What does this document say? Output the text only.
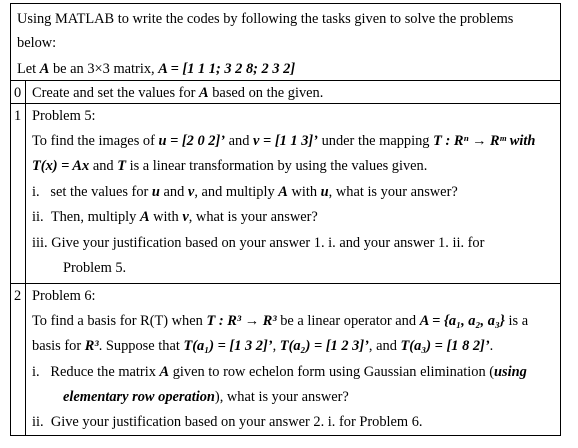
Using MATLAB to write the codes by following the tasks given to solve the problems
below:
Let A be an 3×3 matrix, A = [1 1 1; 3 2 8; 2 3 2]
0 Create and set the values for A based on the given.
1 Problem 5:
To find the images of u = [2 0 2]’ and v = [1 1 3]’ under the mapping T : Rⁿ → Rᵐ with
T(x) = Ax and T is a linear transformation by using the values given.
i. set the values for u and v, and multiply A with u, what is your answer?
ii. Then, multiply A with v, what is your answer?
iii. Give your justification based on your answer 1. i. and your answer 1. ii. for
Problem 5.
2 Problem 6:
To find a basis for R(T) when T : R³ → R³ be a linear operator and A = {a₁, a₂, a₃} is a
basis for R³. Suppose that T(a₁) = [1 3 2]’, T(a₂) = [1 2 3]’, and T(a₃) = [1 8 2]’.
i. Reduce the matrix A given to row echelon form using Gaussian elimination (using
elementary row operation), what is your answer?
ii. Give your justification based on your answer 2. i. for Problem 6.
